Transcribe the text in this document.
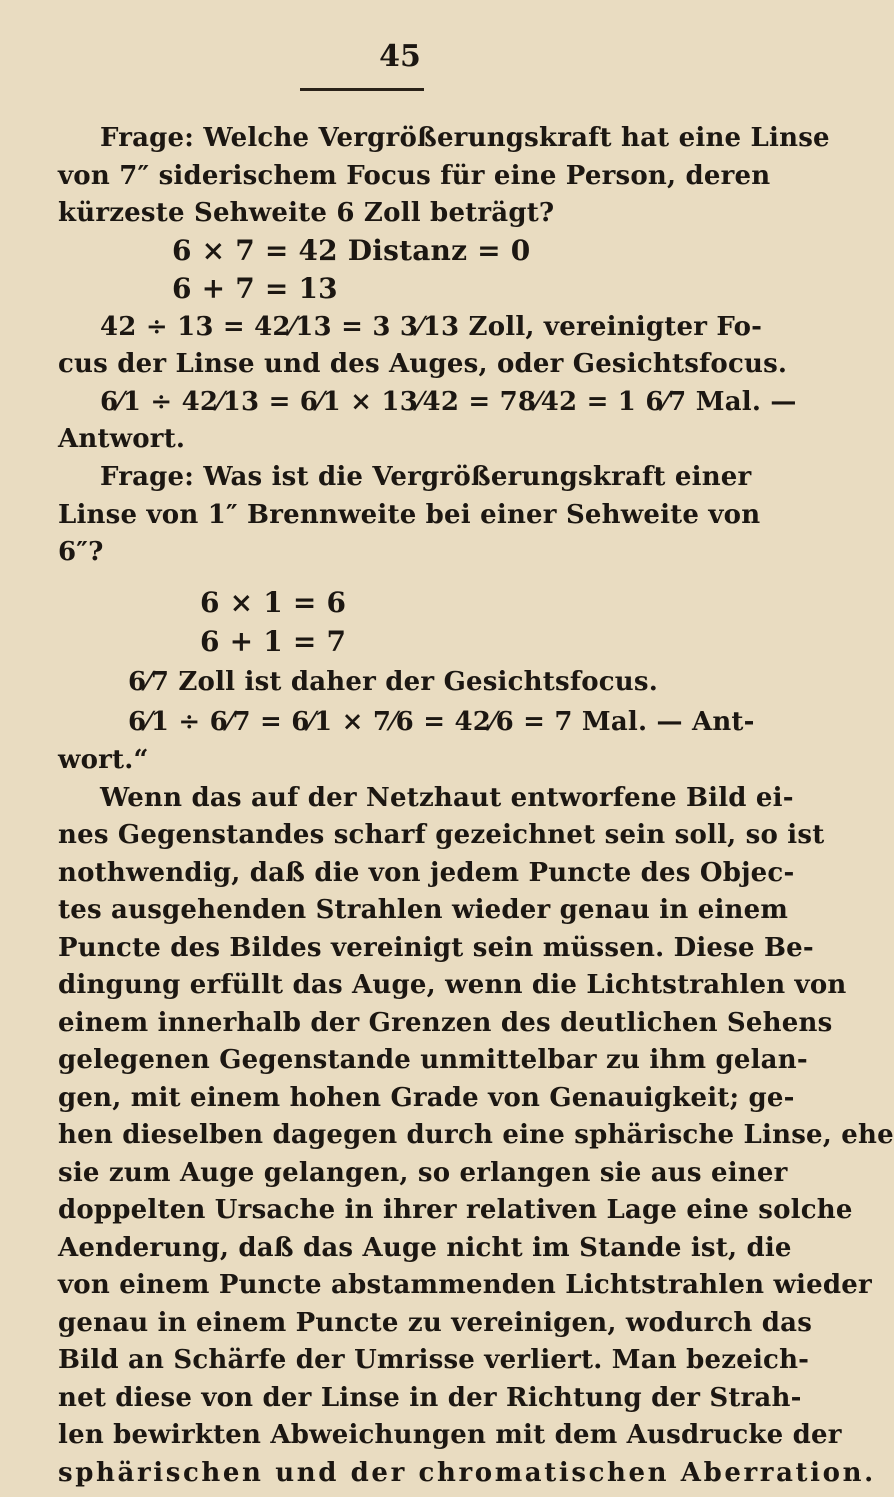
45
Frage: Welche Vergrößerungskraft hat eine Linse
von 7″ siderischem Focus für eine Person, deren
kürzeste Sehweite 6 Zoll beträgt?
6 × 7 = 42 Distanz = 0
6 + 7 = 13
42 ÷ 13 = 42⁄13 = 3 3⁄13 Zoll, vereinigter Fo-
cus der Linse und des Auges, oder Gesichtsfocus.
6⁄1 ÷ 42⁄13 = 6⁄1 × 13⁄42 = 78⁄42 = 1 6⁄7 Mal. —
Antwort.
Frage: Was ist die Vergrößerungskraft einer
Linse von 1″ Brennweite bei einer Sehweite von
6″?
6 × 1 = 6
6 + 1 = 7
6⁄7 Zoll ist daher der Gesichtsfocus.
6⁄1 ÷ 6⁄7 = 6⁄1 × 7⁄6 = 42⁄6 = 7 Mal. — Ant-
wort.“
Wenn das auf der Netzhaut entworfene Bild ei-
nes Gegenstandes scharf gezeichnet sein soll, so ist
nothwendig, daß die von jedem Puncte des Objec-
tes ausgehenden Strahlen wieder genau in einem
Puncte des Bildes vereinigt sein müssen. Diese Be-
dingung erfüllt das Auge, wenn die Lichtstrahlen von
einem innerhalb der Grenzen des deutlichen Sehens
gelegenen Gegenstande unmittelbar zu ihm gelan-
gen, mit einem hohen Grade von Genauigkeit; ge-
hen dieselben dagegen durch eine sphärische Linse, ehe
sie zum Auge gelangen, so erlangen sie aus einer
doppelten Ursache in ihrer relativen Lage eine solche
Aenderung, daß das Auge nicht im Stande ist, die
von einem Puncte abstammenden Lichtstrahlen wieder
genau in einem Puncte zu vereinigen, wodurch das
Bild an Schärfe der Umrisse verliert. Man bezeich-
net diese von der Linse in der Richtung der Strah-
len bewirkten Abweichungen mit dem Ausdrucke der
sphärischen und der chromatischen Aberration.
